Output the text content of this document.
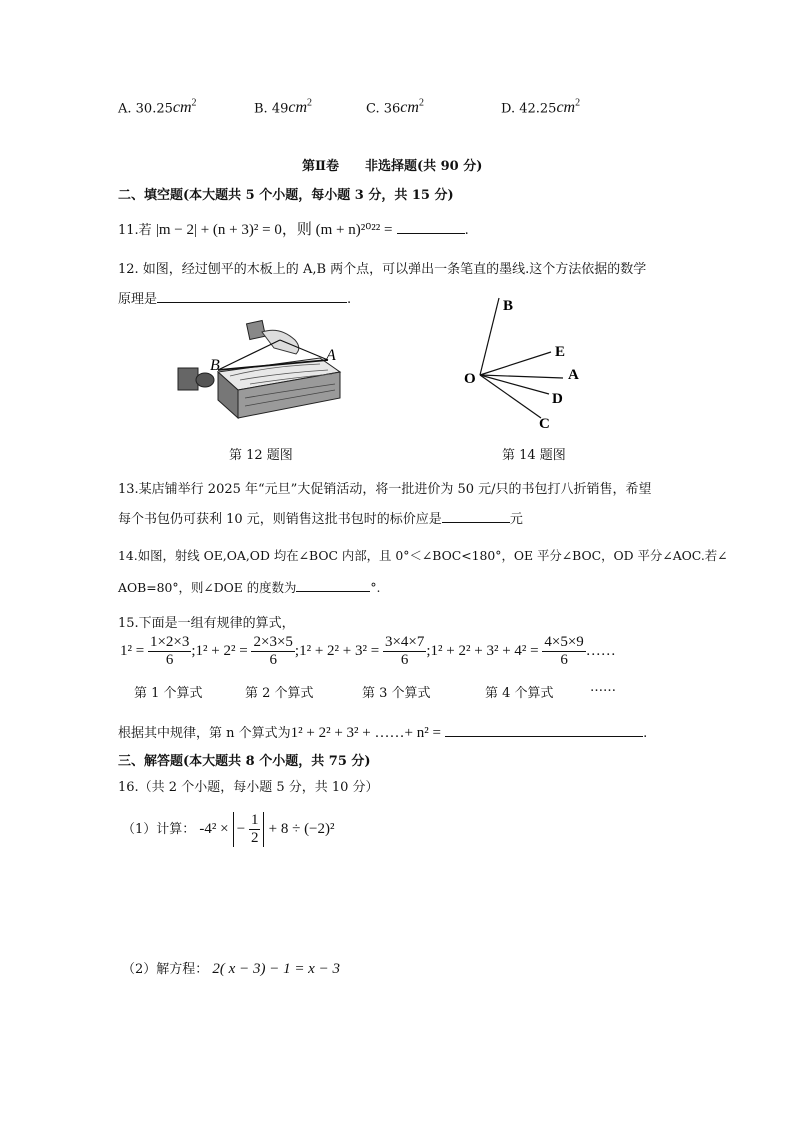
A. $30.25cm^2$	B. $49cm^2$	C. $36cm^2$	D. $42.25cm^2$
第Ⅱ卷　　非选择题(共 90 分)
二、填空题(本大题共 5 个小题，每小题 3 分，共 15 分)
11.若 |m − 2| + (n + 3)² = 0，则 (m + n)²⁰²² =	.
12. 如图，经过刨平的木板上的 A,B 两个点，可以弹出一条笔直的墨线.这个方法依据的数学
原理是	.
B
A
第 12 题图
O
B
E
A
D
C
第 14 题图
13.某店铺举行 2025 年“元旦”大促销活动，将一批进价为 50 元/只的书包打八折销售，希望
每个书包仍可获利 10 元，则销售这批书包时的标价应是	元
14.如图，射线 OE,OA,OD 均在∠BOC 内部，且 0°＜∠BOC<180°，OE 平分∠BOC，OD 平分∠AOC.若∠
AOB=80°，则∠DOE 的度数为	°.
15.下面是一组有规律的算式，
$1^2 = \frac{1\times 2\times 3}{6}$ ;1² + $2^2 = \frac{2\times 3\times 5}{6}$ ;1² + $2^2 + 3^2 = \frac{3\times 4\times 7}{6}$ ;1² + $2^2 + 3^2 + 4^2 = \frac{4\times 5\times 9}{6}$ ……
第 1 个算式	第 2 个算式	第 3 个算式	第 4 个算式	……
根据其中规律，第 n 个算式为1² + 2² + 3² + ……+ n² =	.
三、解答题(本大题共 8 个小题，共 75 分)
16.（共 2 个小题，每小题 5 分，共 10 分）
（1）计算： -4² × − $\frac{1}{2} + 8 \div (-2)^2$
（2）解方程： 2( x − 3) − 1 = x − 3
